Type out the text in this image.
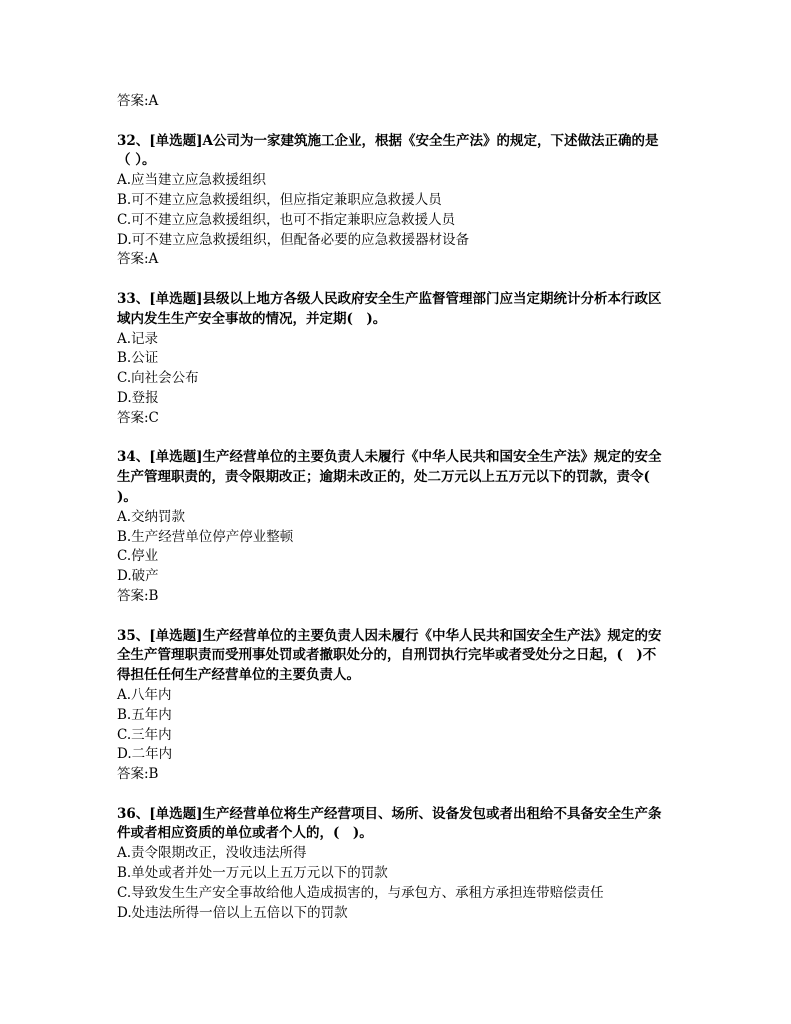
答案:A
32、[单选题]A公司为一家建筑施工企业，根据《安全生产法》的规定，下述做法正确的是（ ）。
A.应当建立应急救援组织
B.可不建立应急救援组织，但应指定兼职应急救援人员
C.可不建立应急救援组织，也可不指定兼职应急救援人员
D.可不建立应急救援组织，但配备必要的应急救援器材设备
答案:A
33、[单选题]县级以上地方各级人民政府安全生产监督管理部门应当定期统计分析本行政区域内发生生产安全事故的情况，并定期(　)。
A.记录
B.公证
C.向社会公布
D.登报
答案:C
34、[单选题]生产经营单位的主要负责人未履行《中华人民共和国安全生产法》规定的安全生产管理职责的，责令限期改正；逾期未改正的，处二万元以上五万元以下的罚款，责令( )。
A.交纳罚款
B.生产经营单位停产停业整顿
C.停业
D.破产
答案:B
35、[单选题]生产经营单位的主要负责人因未履行《中华人民共和国安全生产法》规定的安全生产管理职责而受刑事处罚或者撤职处分的，自刑罚执行完毕或者受处分之日起，(　)不得担任任何生产经营单位的主要负责人。
A.八年内
B.五年内
C.三年内
D.二年内
答案:B
36、[单选题]生产经营单位将生产经营项目、场所、设备发包或者出租给不具备安全生产条件或者相应资质的单位或者个人的，(　)。
A.责令限期改正，没收违法所得
B.单处或者并处一万元以上五万元以下的罚款
C.导致发生生产安全事故给他人造成损害的，与承包方、承租方承担连带赔偿责任
D.处违法所得一倍以上五倍以下的罚款
